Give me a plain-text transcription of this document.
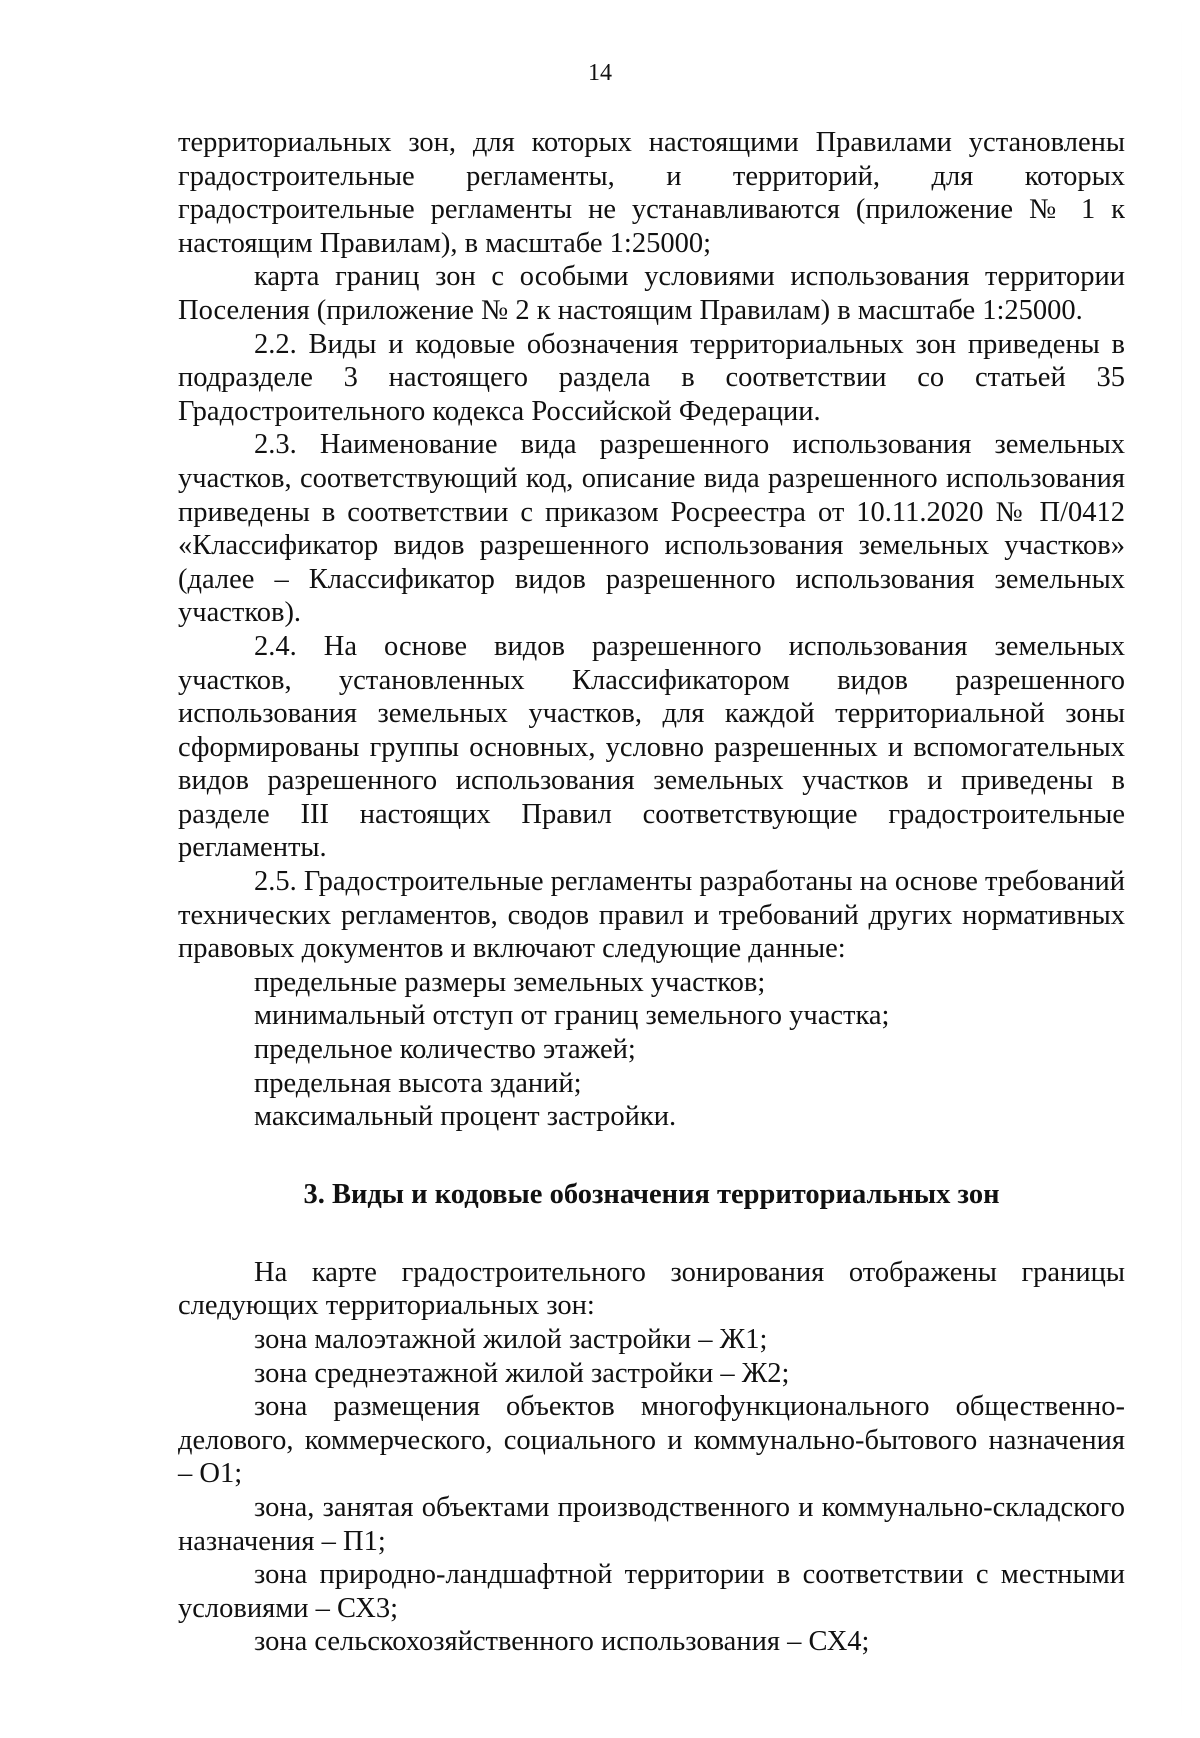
14

территориальных зон, для которых настоящими Правилами установлены градостроительные регламенты, и территорий, для которых градостроительные регламенты не устанавливаются (приложение № 1 к настоящим Правилам), в масштабе 1:25000;

карта границ зон с особыми условиями использования территории Поселения (приложение № 2 к настоящим Правилам) в масштабе 1:25000.

2.2. Виды и кодовые обозначения территориальных зон приведены в подразделе 3 настоящего раздела в соответствии со статьей 35 Градостроительного кодекса Российской Федерации.

2.3. Наименование вида разрешенного использования земельных участков, соответствующий код, описание вида разрешенного использования приведены в соответствии с приказом Росреестра от 10.11.2020 № П/0412 «Классификатор видов разрешенного использования земельных участков» (далее – Классификатор видов разрешенного использования земельных участков).

2.4. На основе видов разрешенного использования земельных участков, установленных Классификатором видов разрешенного использования земельных участков, для каждой территориальной зоны сформированы группы основных, условно разрешенных и вспомогательных видов разрешенного использования земельных участков и приведены в разделе III настоящих Правил соответствующие градостроительные регламенты.

2.5. Градостроительные регламенты разработаны на основе требований технических регламентов, сводов правил и требований других нормативных правовых документов и включают следующие данные:

предельные размеры земельных участков;

минимальный отступ от границ земельного участка;

предельное количество этажей;

предельная высота зданий;

максимальный процент застройки.

3. Виды и кодовые обозначения территориальных зон

На карте градостроительного зонирования отображены границы следующих территориальных зон:

зона малоэтажной жилой застройки – Ж1;

зона среднеэтажной жилой застройки – Ж2;

зона размещения объектов многофункционального общественно-делового, коммерческого, социального и коммунально-бытового назначения – О1;

зона, занятая объектами производственного и коммунально-складского назначения – П1;

зона природно-ландшафтной территории в соответствии с местными условиями – СХ3;

зона сельскохозяйственного использования – СХ4;
